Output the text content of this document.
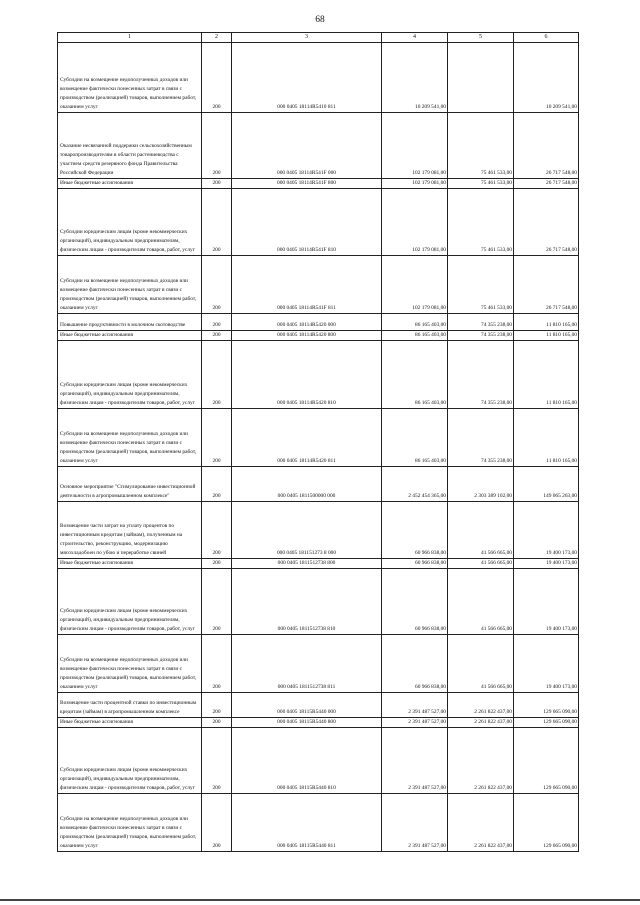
68
1	2	3	4	5	6
Субсидии на возмещение недополученных доходов или возмещение фактически понесенных затрат в связи с производством (реализацией) товаров, выполнением работ, оказанием услуг	200	000 0405 18114R5410 811	10 209 541,00		10 209 541,00
Оказание несвязанной поддержки сельскохозяйственным товаропроизводителям в области растениеводства с участием средств резервного фонда Правительства Российской Федерации	200	000 0405 18114R541F 000	102 179 081,00	75 461 533,00	26 717 548,00
Иные бюджетные ассигнования	200	000 0405 18114R541F 800	102 179 081,00	75 461 533,00	26 717 548,00
Субсидии юридическим лицам (кроме некоммерческих организаций), индивидуальным предпринимателям, физическим лицам - производителям товаров, работ, услуг	200	000 0405 18114R541F 810	102 179 081,00	75 461 533,00	26 717 548,00
Субсидии на возмещение недополученных доходов или возмещение фактически понесенных затрат в связи с производством (реализацией) товаров, выполнением работ, оказанием услуг	200	000 0405 18114R541F 811	102 179 081,00	75 461 533,00	26 717 548,00
Повышение продуктивности в молочном скотоводстве	200	000 0405 18114R5420 000	86 165 403,00	74 355 238,00	11 810 165,00
Иные бюджетные ассигнования	200	000 0405 18114R5420 800	86 165 403,00	74 355 238,00	11 810 165,00
Субсидии юридическим лицам (кроме некоммерческих организаций), индивидуальным предпринимателям, физическим лицам - производителям товаров, работ, услуг	200	000 0405 18114R5420 810	86 165 403,00	74 355 238,00	11 810 165,00
Субсидии на возмещение недополученных доходов или возмещение фактически понесенных затрат в связи с производством (реализацией) товаров, выполнением работ, оказанием услуг	200	000 0405 18114R5420 811	86 165 403,00	74 355 238,00	11 810 165,00
Основное мероприятие "Стимулирование инвестиционной деятельности в агропромышленном комплексе"	200	000 0405 1811500000 000	2 452 454 365,00	2 303 389 102,00	149 065 263,00
Возмещение части затрат на уплату процентов по инвестиционным кредитам (займам), полученным на строительство, реконструкцию, модернизацию мясохладобоен по убою и переработке свиней	200	000 0405 181151273 8 000	60 966 838,00	41 566 665,00	19 400 173,00
Иные бюджетные ассигнования	200	000 0405 1811512738 800	60 966 838,00	41 566 665,00	19 400 173,00
Субсидии юридическим лицам (кроме некоммерческих организаций), индивидуальным предпринимателям, физическим лицам - производителям товаров, работ, услуг	200	000 0405 1811512738 810	60 966 838,00	41 566 665,00	19 400 173,00
Субсидии на возмещение недополученных доходов или возмещение фактически понесенных затрат в связи с производством (реализацией) товаров, выполнением работ, оказанием услуг	200	000 0405 1811512738 811	60 966 838,00	41 566 665,00	19 400 173,00
Возмещение части процентной ставки по инвестиционным кредитам (займам) в агропромышленном комплексе	200	000 0405 18115R5440 000	2 391 487 527,00	2 261 822 437,00	129 665 090,00
Иные бюджетные ассигнования	200	000 0405 18115R5440 800	2 391 487 527,00	2 261 822 437,00	129 665 090,00
Субсидии юридическим лицам (кроме некоммерческих организаций), индивидуальным предпринимателям, физическим лицам - производителям товаров, работ, услуг	200	000 0405 18115R5440 810	2 391 487 527,00	2 261 822 437,00	129 665 090,00
Субсидии на возмещение недополученных доходов или возмещение фактически понесенных затрат в связи с производством (реализацией) товаров, выполнением работ, оказанием услуг	200	000 0405 18115R5440 811	2 391 487 527,00	2 261 822 437,00	129 665 090,00
